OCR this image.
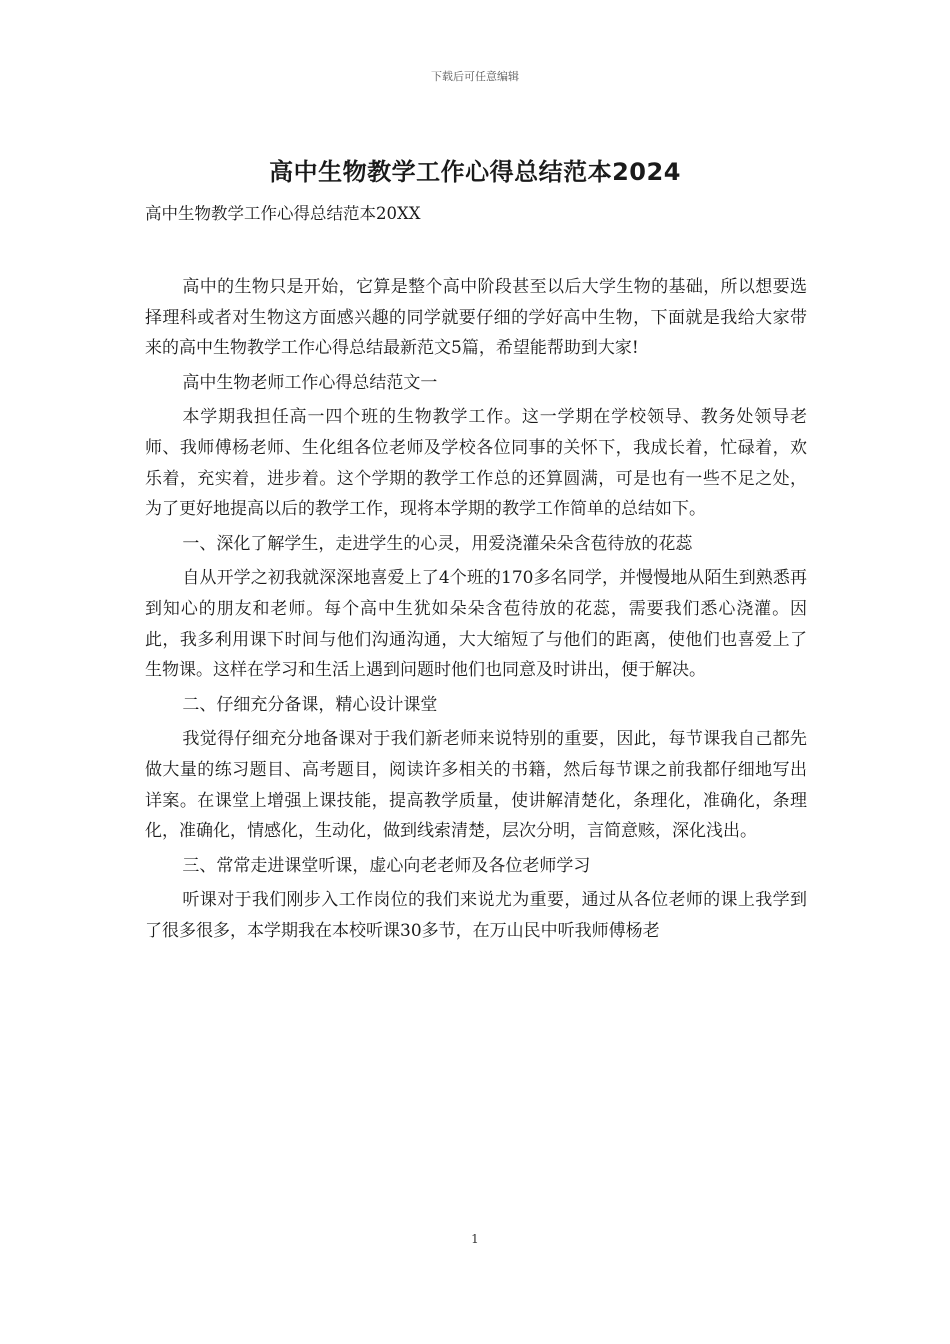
下载后可任意编辑
高中生物教学工作心得总结范本2024

高中生物教学工作心得总结范本20XX

高中的生物只是开始，它算是整个高中阶段甚至以后大学生物的基础，所以想要选择理科或者对生物这方面感兴趣的同学就要仔细的学好高中生物，下面就是我给大家带来的高中生物教学工作心得总结最新范文5篇，希望能帮助到大家!

高中生物老师工作心得总结范文一

本学期我担任高一四个班的生物教学工作。这一学期在学校领导、教务处领导老师、我师傅杨老师、生化组各位老师及学校各位同事的关怀下，我成长着，忙碌着，欢乐着，充实着，进步着。这个学期的教学工作总的还算圆满，可是也有一些不足之处，为了更好地提高以后的教学工作，现将本学期的教学工作简单的总结如下。

一、深化了解学生，走进学生的心灵，用爱浇灌朵朵含苞待放的花蕊

自从开学之初我就深深地喜爱上了4个班的170多名同学，并慢慢地从陌生到熟悉再到知心的朋友和老师。每个高中生犹如朵朵含苞待放的花蕊，需要我们悉心浇灌。因此，我多利用课下时间与他们沟通沟通，大大缩短了与他们的距离，使他们也喜爱上了生物课。这样在学习和生活上遇到问题时他们也同意及时讲出，便于解决。

二、仔细充分备课，精心设计课堂

我觉得仔细充分地备课对于我们新老师来说特别的重要，因此，每节课我自己都先做大量的练习题目、高考题目，阅读许多相关的书籍，然后每节课之前我都仔细地写出详案。在课堂上增强上课技能，提高教学质量，使讲解清楚化，条理化，准确化，条理化，准确化，情感化，生动化，做到线索清楚，层次分明，言简意赅，深化浅出。

三、常常走进课堂听课，虚心向老老师及各位老师学习

听课对于我们刚步入工作岗位的我们来说尤为重要，通过从各位老师的课上我学到了很多很多，本学期我在本校听课30多节，在万山民中听我师傅杨老

1
